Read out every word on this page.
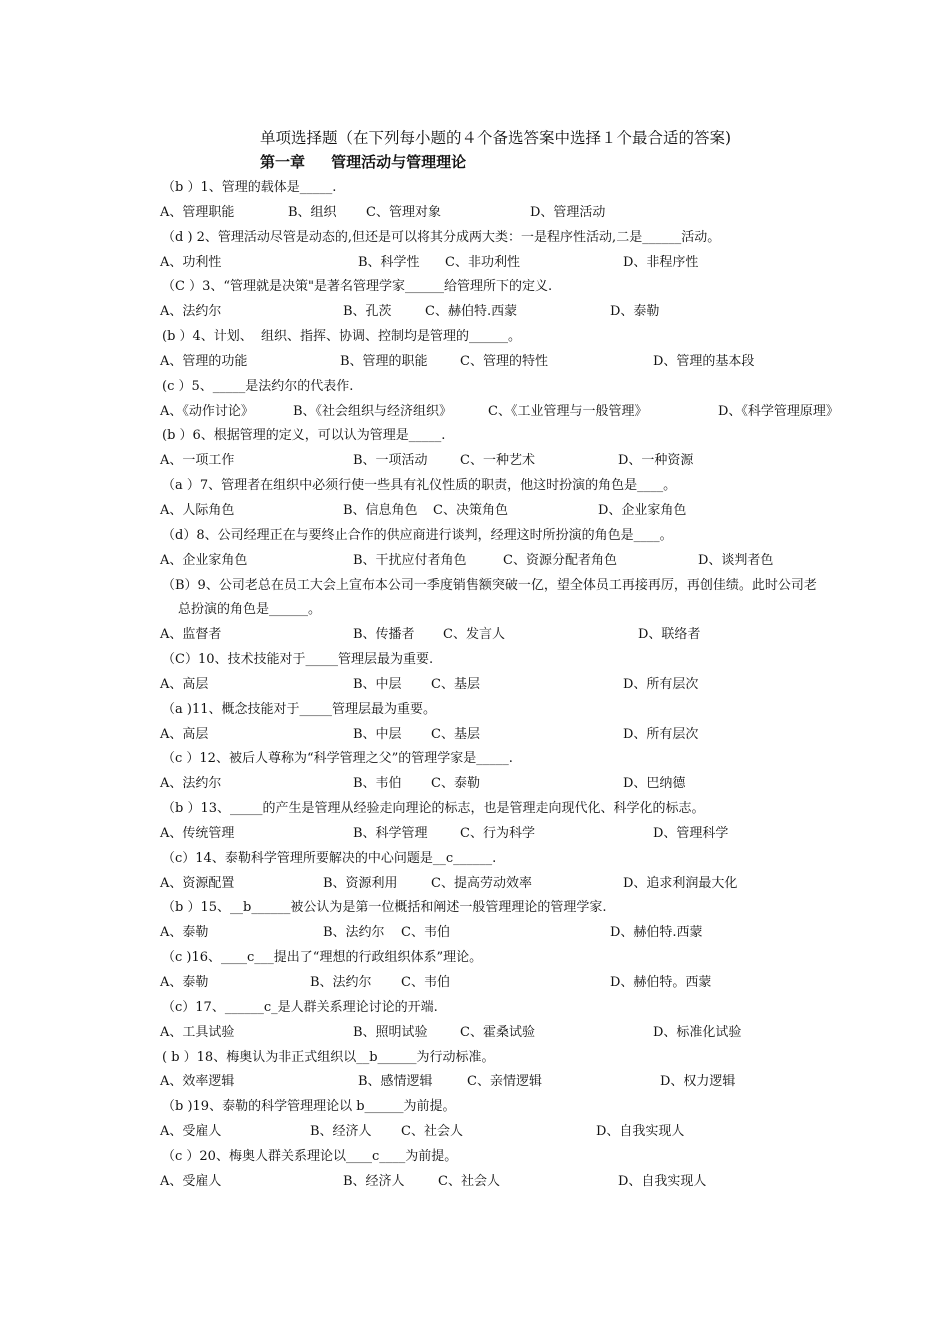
单项选择题（在下列每小题的４个备选答案中选择１个最合适的答案)
第一章     管理活动与管理理论
（b ）1、管理的载体是_____.
A、管理职能	B、组织 C、管理对象	D、管理活动
（d ) 2、管理活动尽管是动态的,但还是可以将其分成两大类：一是程序性活动,二是______活动。
A、功利性	B、科学性 C、非功利性	D、非程序性
（C ）3、“管理就是决策"是著名管理学家______给管理所下的定义.
A、法约尔	B、孔茨	C、赫伯特.西蒙	D、泰勒
(b ）4、计划、  组织、指挥、协调、控制均是管理的______。
A、管理的功能	B、管理的职能 C、管理的特性	D、管理的基本段
(c ）5、_____是法约尔的代表作.
A、《动作讨论》	B、《社会组织与经济组织》	C、《工业管理与一般管理》	D、《科学管理原理》
(b ）6、根据管理的定义，可以认为管理是_____.
A、一项工作	B、一项活动 C、一种艺术	D、一种资源
（a ）7、管理者在组织中必须行使一些具有礼仪性质的职责，他这时扮演的角色是____。
A、人际角色	B、信息角色 C、决策角色	D、企业家角色
（d）8、公司经理正在与要终止合作的供应商进行谈判，经理这时所扮演的角色是____。
A、企业家角色	B、干扰应付者角色	C、资源分配者角色	D、谈判者色
（B）9、公司老总在员工大会上宣布本公司一季度销售额突破一亿，望全体员工再接再厉，再创佳绩。此时公司老
总扮演的角色是______。
A、监督者	B、传播者 C、发言人	D、联络者
（C）10、技术技能对于_____管理层最为重要.
A、高层	B、中层 C、基层	D、所有层次
（a )11、概念技能对于_____管理层最为重要。
A、高层	B、中层 C、基层	D、所有层次
（c ）12、被后人尊称为“科学管理之父”的管理学家是_____.
A、法约尔	B、韦伯 C、泰勒	D、巴纳德
（b ）13、_____的产生是管理从经验走向理论的标志，也是管理走向现代化、科学化的标志。
A、传统管理	B、科学管理 C、行为科学	D、管理科学
（c）14、泰勒科学管理所要解决的中心问题是__c______.
A、资源配置	B、资源利用	C、提高劳动效率	D、追求利润最大化
（b ）15、__b______被公认为是第一位概括和阐述一般管理理论的管理学家.
A、泰勒	B、法约尔 C、韦伯	D、赫伯特.西蒙
（c )16、____c___提出了“理想的行政组织体系”理论。
A、泰勒	B、法约尔 C、韦伯	D、赫伯特。西蒙
（c）17、______c_是人群关系理论讨论的开端.
A、工具试验	B、照明试验 C、霍桑试验	D、标准化试验
( b ）18、梅奥认为非正式组织以__b______为行动标准。
A、效率逻辑	B、感情逻辑	C、亲情逻辑	D、权力逻辑
（b )19、泰勒的科学管理理论以 b______为前提。
A、受雇人	B、经济人 C、社会人	D、自我实现人
（c ）20、梅奥人群关系理论以____c____为前提。
A、受雇人	B、经济人	C、社会人	D、自我实现人
